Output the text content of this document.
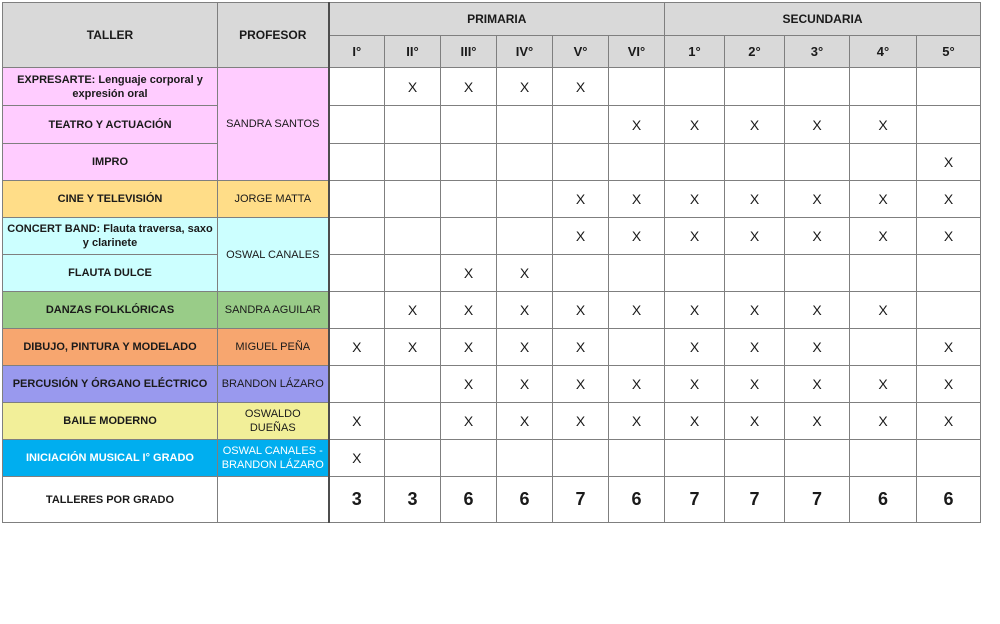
TALLER	PROFESOR	PRIMARIA						SECUNDARIA				
		I°	II°	III°	IV°	V°	VI°	1°	2°	3°	4°	5°
EXPRESARTE: Lenguaje corporal y expresión oral	SANDRA SANTOS		X	X	X	X						
TEATRO Y ACTUACIÓN							X	X	X	X	X	
IMPRO												X
CINE Y TELEVISIÓN	JORGE MATTA					X	X	X	X	X	X	X
CONCERT BAND: Flauta traversa, saxo y clarinete	OSWAL CANALES					X	X	X	X	X	X	X
FLAUTA DULCE				X	X							
DANZAS FOLKLÓRICAS	SANDRA AGUILAR		X	X	X	X	X	X	X	X	X	
DIBUJO, PINTURA Y MODELADO	MIGUEL PEÑA	X	X	X	X	X		X	X	X		X
PERCUSIÓN Y ÓRGANO ELÉCTRICO	BRANDON LÁZARO			X	X	X	X	X	X	X	X	X
BAILE MODERNO	OSWALDO DUEÑAS	X		X	X	X	X	X	X	X	X	X
INICIACIÓN MUSICAL I° GRADO	OSWAL CANALES - BRANDON LÁZARO	X										
TALLERES POR GRADO		3	3	6	6	7	6	7	7	7	6	6
